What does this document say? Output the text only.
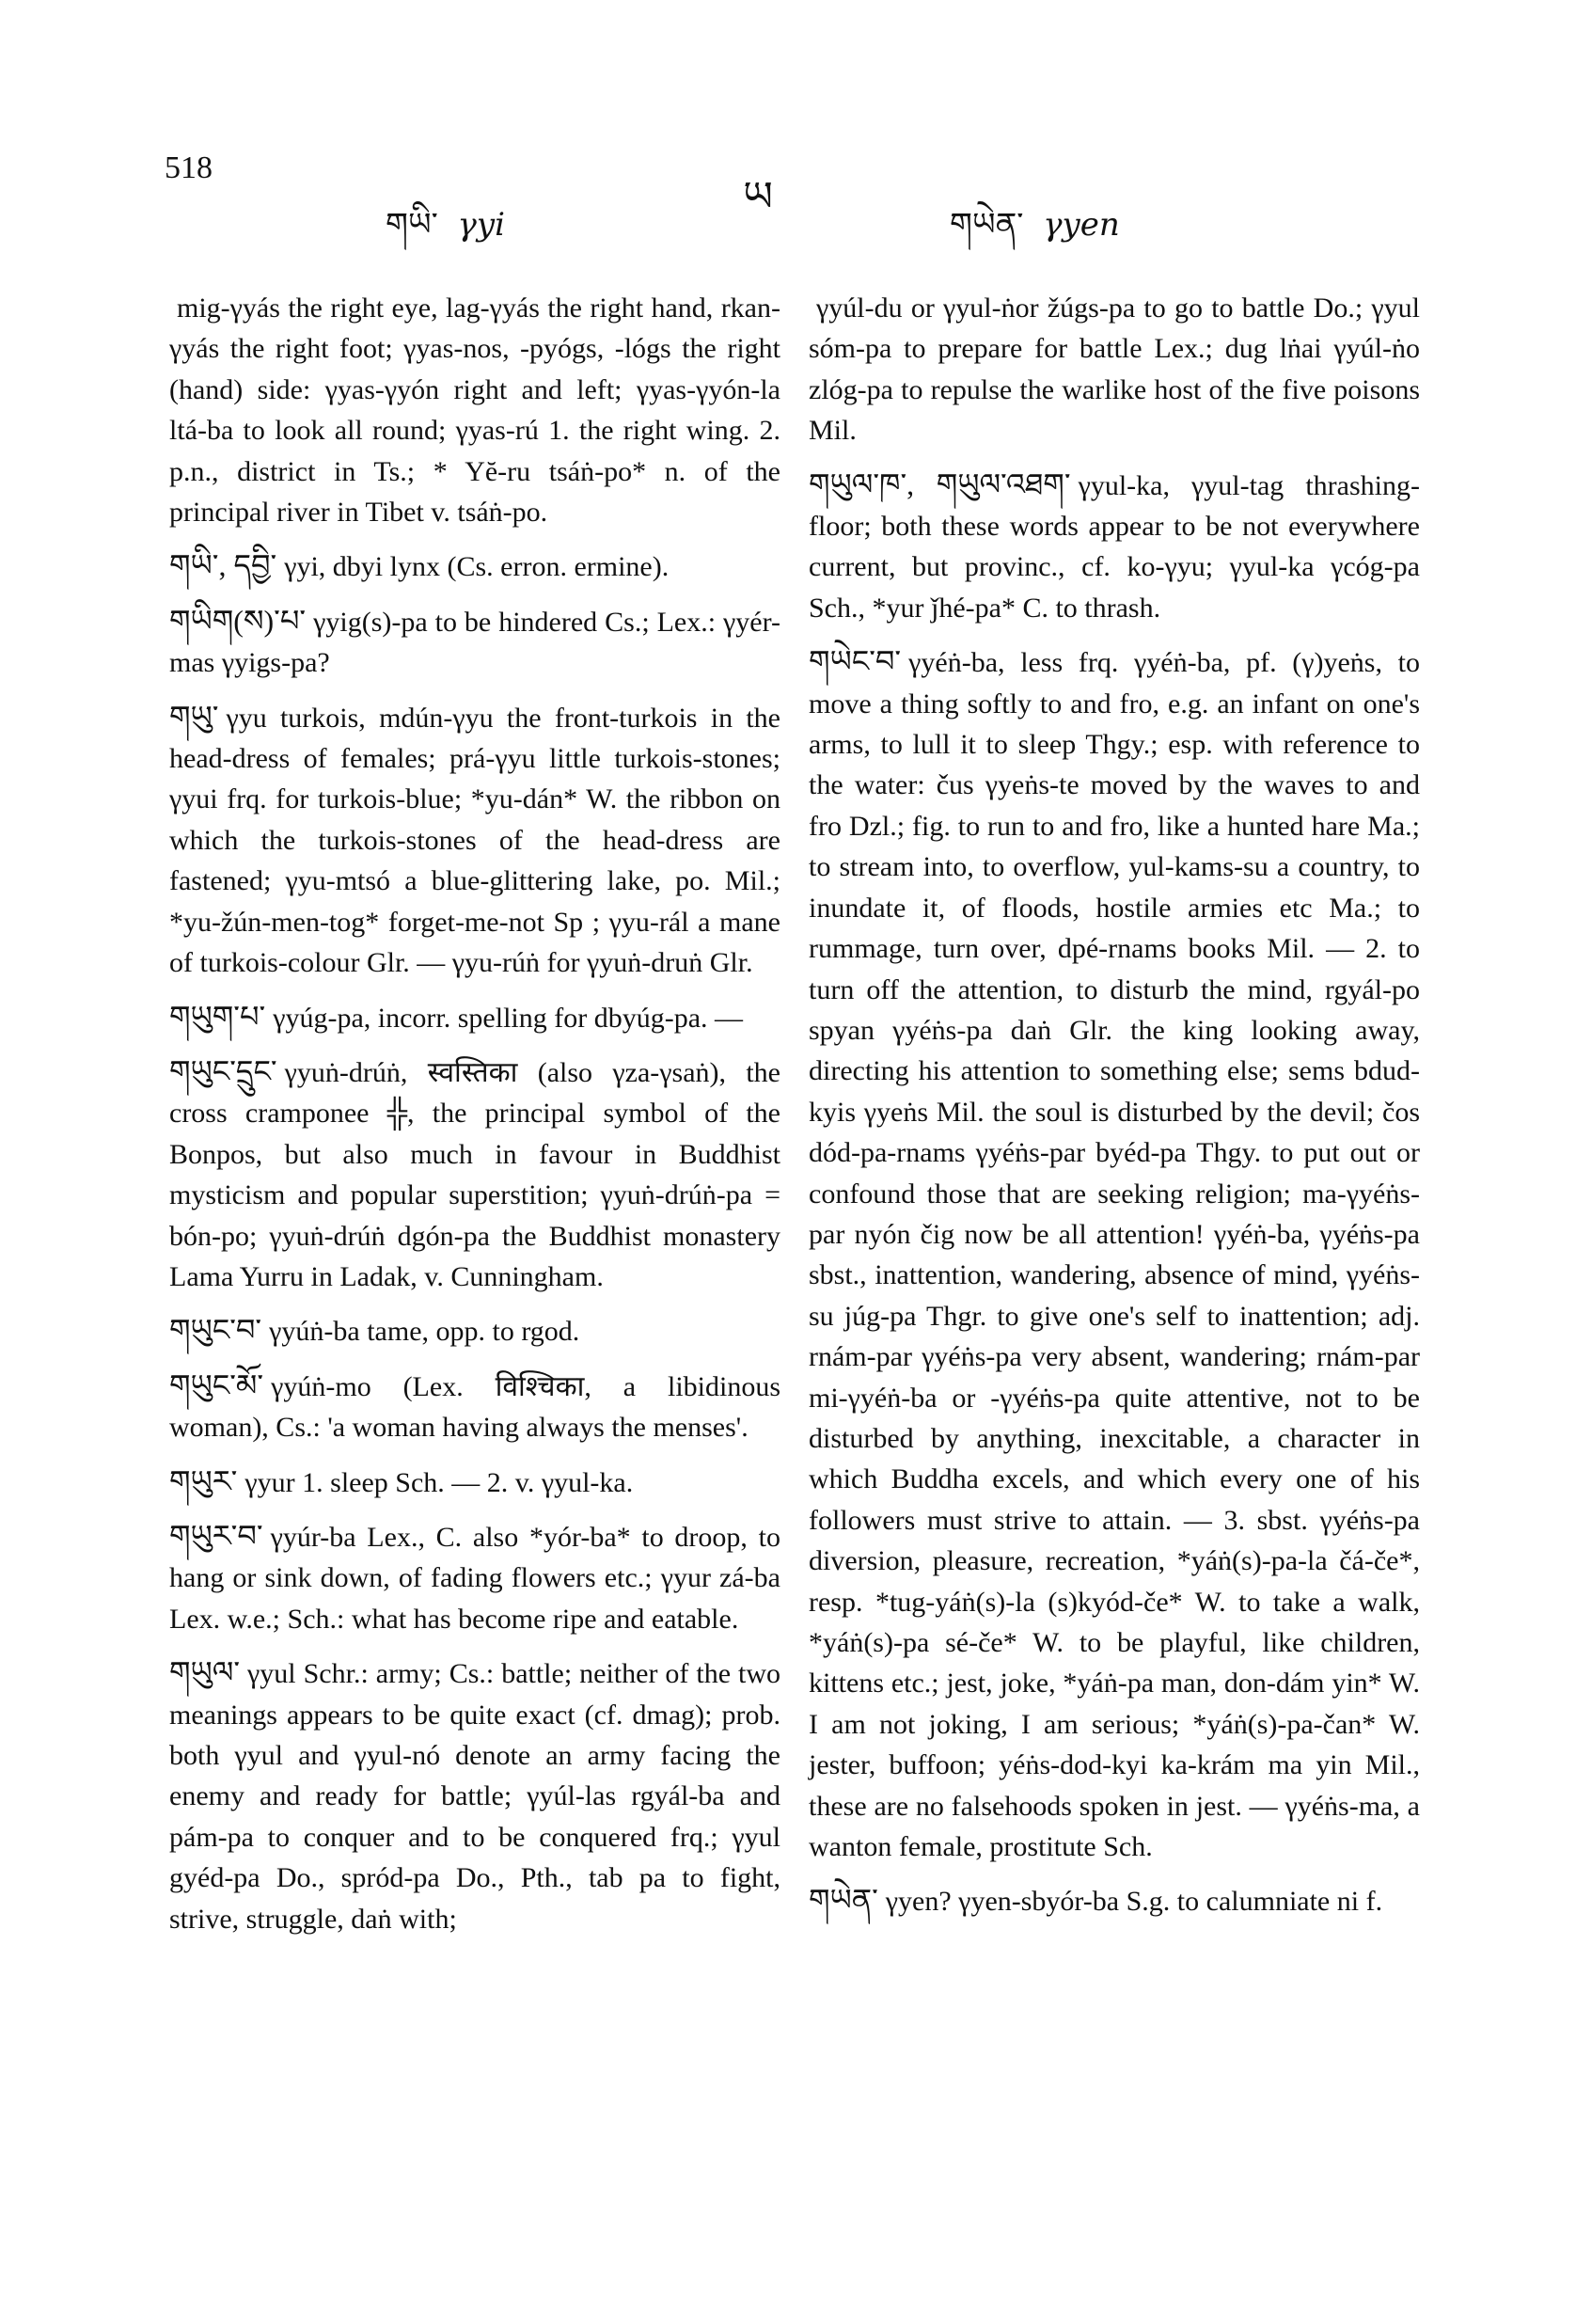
518
ཡ
གཡི་ γyi	གཡེན་ γyen

mig-γyás the right eye, lag-γyás the right hand, rkan-γyás the right foot; γyas-nos, -pyógs, -lógs the right (hand) side: γyas-γyón right and left; γyas-γyón-la ltá-ba to look all round; γyas-rú 1. the right wing. 2. p.n., district in Ts.; * Yĕ-ru tsáṅ-po* n. of the principal river in Tibet v. tsáṅ-po.

གཡི་, དབྱི་ γyi, dbyi lynx (Cs. erron. ermine).

གཡིག(ས)་པ་ γyig(s)-pa to be hindered Cs.; Lex.: γyér-mas γyigs-pa?

གཡུ་ γyu turkois, mdún-γyu the front-turkois in the head-dress of females; prá-γyu little turkois-stones; γyui frq. for turkois-blue; *yu-dán* W. the ribbon on which the turkois-stones of the head-dress are fastened; γyu-mtsó a blue-glittering lake, po. Mil.; *yu-žún-men-tog* forget-me-not Sp ; γyu-rál a mane of turkois-colour Glr. — γyu-rúṅ for γyuṅ-druṅ Glr.

གཡུག་པ་ γyúg-pa, incorr. spelling for dbyúg-pa. —

གཡུང་དྲུང་ γyuṅ-drúṅ, स्वस्तिका (also γza-γsaṅ), the cross cramponee ╬, the principal symbol of the Bonpos, but also much in favour in Buddhist mysticism and popular superstition; γyuṅ-drúṅ-pa = bón-po; γyuṅ-drúṅ dgón-pa the Buddhist monastery Lama Yurru in Ladak, v. Cunningham.

གཡུང་བ་ γyúṅ-ba tame, opp. to rgod.

གཡུང་མོ་ γyúṅ-mo (Lex. विश्चिका, a libidinous woman), Cs.: 'a woman having always the menses'.

གཡུར་ γyur 1. sleep Sch. — 2. v. γyul-ka.

གཡུར་བ་ γyúr-ba Lex., C. also *yór-ba* to droop, to hang or sink down, of fading flowers etc.; γyur zá-ba Lex. w.e.; Sch.: what has become ripe and eatable.

གཡུལ་ γyul Schr.: army; Cs.: battle; neither of the two meanings appears to be quite exact (cf. dmag); prob. both γyul and γyul-nó denote an army facing the enemy and ready for battle; γyúl-las rgyál-ba and pám-pa to conquer and to be conquered frq.; γyul gyéd-pa Do., spród-pa Do., Pth., tab pa to fight, strive, struggle, daṅ with;

γyúl-du or γyul-ṅor žúgs-pa to go to battle Do.; γyul sóm-pa to prepare for battle Lex.; dug lṅai γyúl-ṅo zlóg-pa to repulse the warlike host of the five poisons Mil.

གཡུལ་ཁ་, གཡུལ་འཐག་ γyul-ka, γyul-tag thrashing-floor; both these words appear to be not everywhere current, but provinc., cf. ko-γyu; γyul-ka γcóg-pa Sch., *yur ǰhé-pa* C. to thrash.

གཡེང་བ་ γyéṅ-ba, less frq. γyéṅ-ba, pf. (γ)yeṅs, to move a thing softly to and fro, e.g. an infant on one's arms, to lull it to sleep Thgy.; esp. with reference to the water: čus γyeṅs-te moved by the waves to and fro Dzl.; fig. to run to and fro, like a hunted hare Ma.; to stream into, to overflow, yul-kams-su a country, to inundate it, of floods, hostile armies etc Ma.; to rummage, turn over, dpé-rnams books Mil. — 2. to turn off the attention, to disturb the mind, rgyál-po spyan γyéṅs-pa daṅ Glr. the king looking away, directing his attention to something else; sems bdud-kyis γyeṅs Mil. the soul is disturbed by the devil; čos dód-pa-rnams γyéṅs-par byéd-pa Thgy. to put out or confound those that are seeking religion; ma-γyéṅs-par nyón čig now be all attention! γyéṅ-ba, γyéṅs-pa sbst., inattention, wandering, absence of mind, γyéṅs-su júg-pa Thgr. to give one's self to inattention; adj. rnám-par γyéṅs-pa very absent, wandering; rnám-par mi-γyéṅ-ba or -γyéṅs-pa quite attentive, not to be disturbed by anything, inexcitable, a character in which Buddha excels, and which every one of his followers must strive to attain. — 3. sbst. γyéṅs-pa diversion, pleasure, recreation, *yáṅ(s)-pa-la čá-če*, resp. *tug-yáṅ(s)-la (s)kyód-če* W. to take a walk, *yáṅ(s)-pa sé-če* W. to be playful, like children, kittens etc.; jest, joke, *yáṅ-pa man, don-dám yin* W. I am not joking, I am serious; *yáṅ(s)-pa-čan* W. jester, buffoon; yéṅs-dod-kyi ka-krám ma yin Mil., these are no falsehoods spoken in jest. — γyéṅs-ma, a wanton female, prostitute Sch.

གཡེན་ γyen? γyen-sbyór-ba S.g. to calumniate ni f.
